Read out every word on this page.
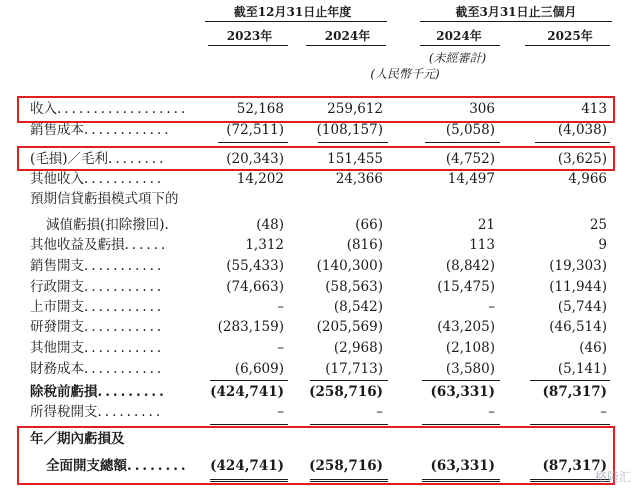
截至12月31日止年度	截至3月31日止三個月
2023年	2024年	2024年	2025年
(未經審計)
(人民幣千元)
收入..................	52,168	259,612	306	413
銷售成本............	(72,511) (108,157)	(5,058)	(4,038)
(毛損)／毛利........	(20,343)	151,455	(4,752)	(3,625)
其他收入...........	14,202	24,366	14,497	4,966
預期信貸虧損模式項下的
減值虧損(扣除撥回).	(48)	(66)	21	25
其他收益及虧損......	1,312	(816)	113	9
銷售開支...........	(55,433) (140,300)	(8,842)	(19,303)
行政開支...........	(74,663)	(58,563)	(15,475)	(11,944)
上市開支...........	–	(8,542)	–	(5,744)
研發開支...........	(283,159) (205,569)	(43,205)	(46,514)
其他開支...........	–	(2,968)	(2,108)	(46)
財務成本...........	(6,609)	(17,713)	(3,580)	(5,141)
除稅前虧損.........	(424,741) (258,716)	(63,331)	(87,317)
所得稅開支.........	–	–	–	–
年／期內虧損及
全面開支總額........ (424,741) (258,716)	(63,331)	(87,317)
格隆汇
